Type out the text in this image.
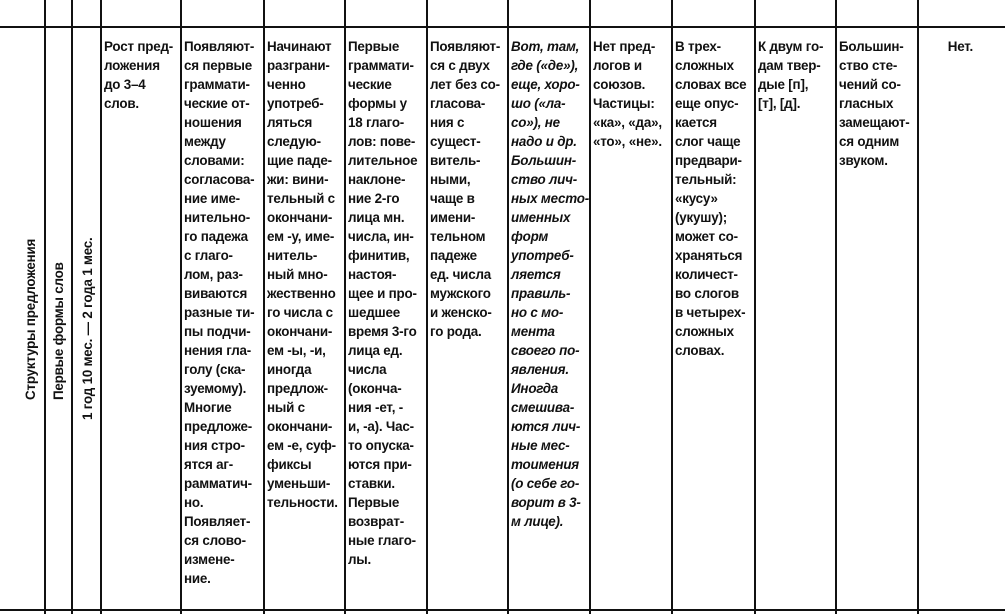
Структуры предложения Первые формы слов 1 год 10 мес. — 2 года 1 мес.
Рост пред-
ложения
до 3–4
слов.
Появляют-
ся первые
граммати-
ческие от-
ношения
между
словами:
согласова-
ние име-
нительно-
го падежа
с глаго-
лом, раз-
виваются
разные ти-
пы подчи-
нения гла-
голу (ска-
зуемому).
Многие
предложе-
ния стро-
ятся аг-
рамматич-
но.
Появляет-
ся слово-
измене-
ние.
Начинают
разграни-
ченно
употреб-
ляться
следую-
щие паде-
жи: вини-
тельный с
окончани-
ем -у, име-
нитель-
ный мно-
жественно
го числа с
окончани-
ем -ы, -и,
иногда
предлож-
ный с
окончани-
ем -е, суф-
фиксы
уменьши-
тельности.
Первые
граммати-
ческие
формы у
18 глаго-
лов: пове-
лительное
наклоне-
ние 2-го
лица мн.
числа, ин-
финитив,
настоя-
щее и про-
шедшее
время 3-го
лица ед.
числа
(оконча-
ния -ет, -
и, -а). Час-
то опуска-
ются при-
ставки.
Первые
возврат-
ные глаго-
лы.
Появляют-
ся с двух
лет без со-
гласова-
ния с
сущест-
витель-
ными,
чаще в
имени-
тельном
падеже
ед. числа
мужского
и женско-
го рода.
Вот, там,
где («де»),
еще, хоро-
шо («ла-
со»), не
надо и др.
Большин-
ство лич-
ных место-
именных
форм
употреб-
ляется
правиль-
но с мо-
мента
своего по-
явления.
Иногда
смешива-
ются лич-
ные мес-
тоимения
(о себе го-
ворит в 3-
м лице).
Нет пред-
логов и
союзов.
Частицы:
«ка», «да»,
«то», «не».
В трех-
сложных
словах все
еще опус-
кается
слог чаще
предвари-
тельный:
«кусу»
(укушу);
может со-
храняться
количест-
во слогов
в четырех-
сложных
словах.
К двум го-
дам твер-
дые [п],
[т], [д].
Большин-
ство сте-
чений со-
гласных
замещают-
ся одним
звуком.
Нет.
